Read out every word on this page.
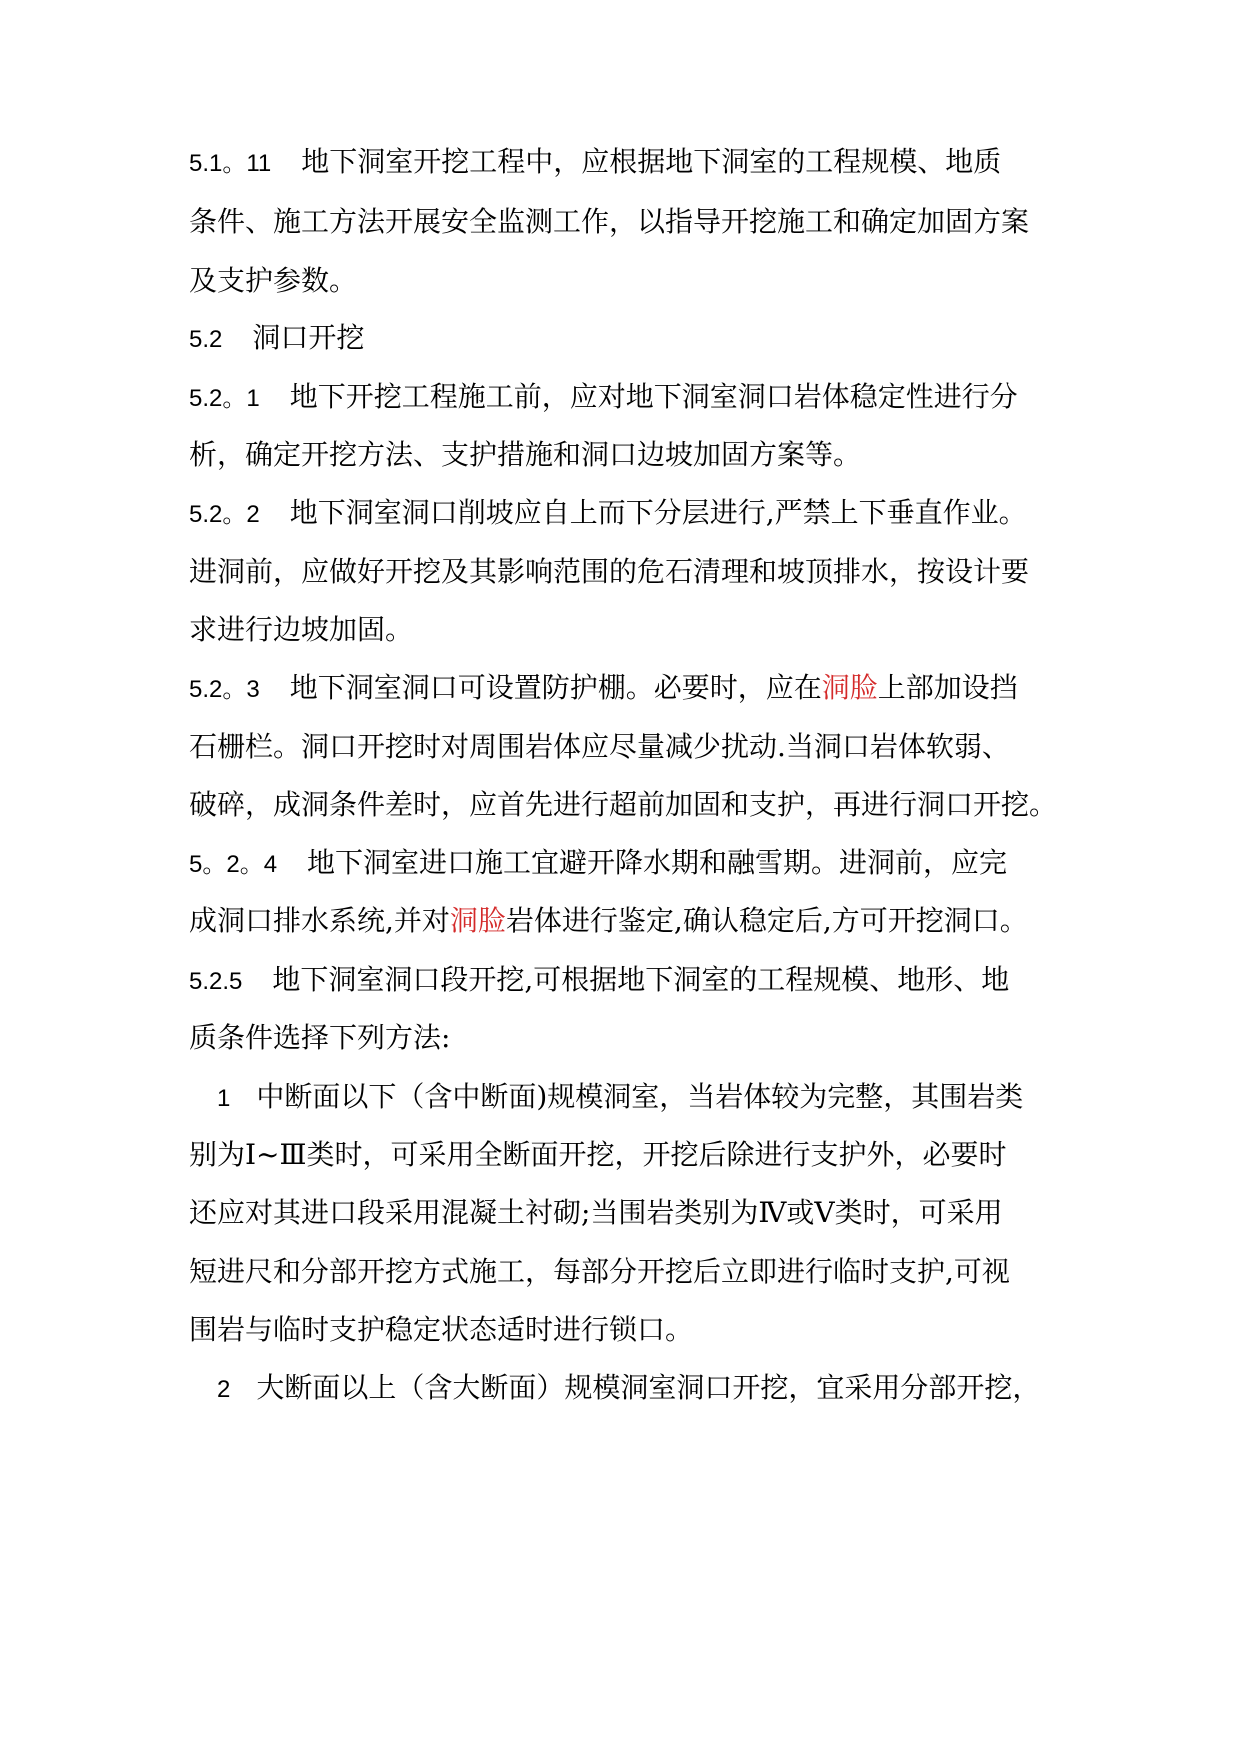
5.1。11 地下洞室开挖工程中，应根据地下洞室的工程规模、地质
条件、施工方法开展安全监测工作，以指导开挖施工和确定加固方案
及支护参数。
5.2 洞口开挖
5.2。1 地下开挖工程施工前，应对地下洞室洞口岩体稳定性进行分
析，确定开挖方法、支护措施和洞口边坡加固方案等。
5.2。2 地下洞室洞口削坡应自上而下分层进行,严禁上下垂直作业。
进洞前，应做好开挖及其影响范围的危石清理和坡顶排水，按设计要
求进行边坡加固。
5.2。3 地下洞室洞口可设置防护棚。必要时，应在洞脸上部加设挡
石栅栏。洞口开挖时对周围岩体应尽量减少扰动.当洞口岩体软弱、
破碎，成洞条件差时，应首先进行超前加固和支护，再进行洞口开挖。
5。2。4 地下洞室进口施工宜避开降水期和融雪期。进洞前，应完
成洞口排水系统,并对洞脸岩体进行鉴定,确认稳定后,方可开挖洞口。
5.2.5 地下洞室洞口段开挖,可根据地下洞室的工程规模、地形、地
质条件选择下列方法:
1 中断面以下（含中断面)规模洞室，当岩体较为完整，其围岩类
别为Ⅰ~Ⅲ类时，可采用全断面开挖，开挖后除进行支护外，必要时
还应对其进口段采用混凝土衬砌;当围岩类别为Ⅳ或Ⅴ类时，可采用
短进尺和分部开挖方式施工，每部分开挖后立即进行临时支护,可视
围岩与临时支护稳定状态适时进行锁口。
2 大断面以上（含大断面）规模洞室洞口开挖，宜采用分部开挖，
